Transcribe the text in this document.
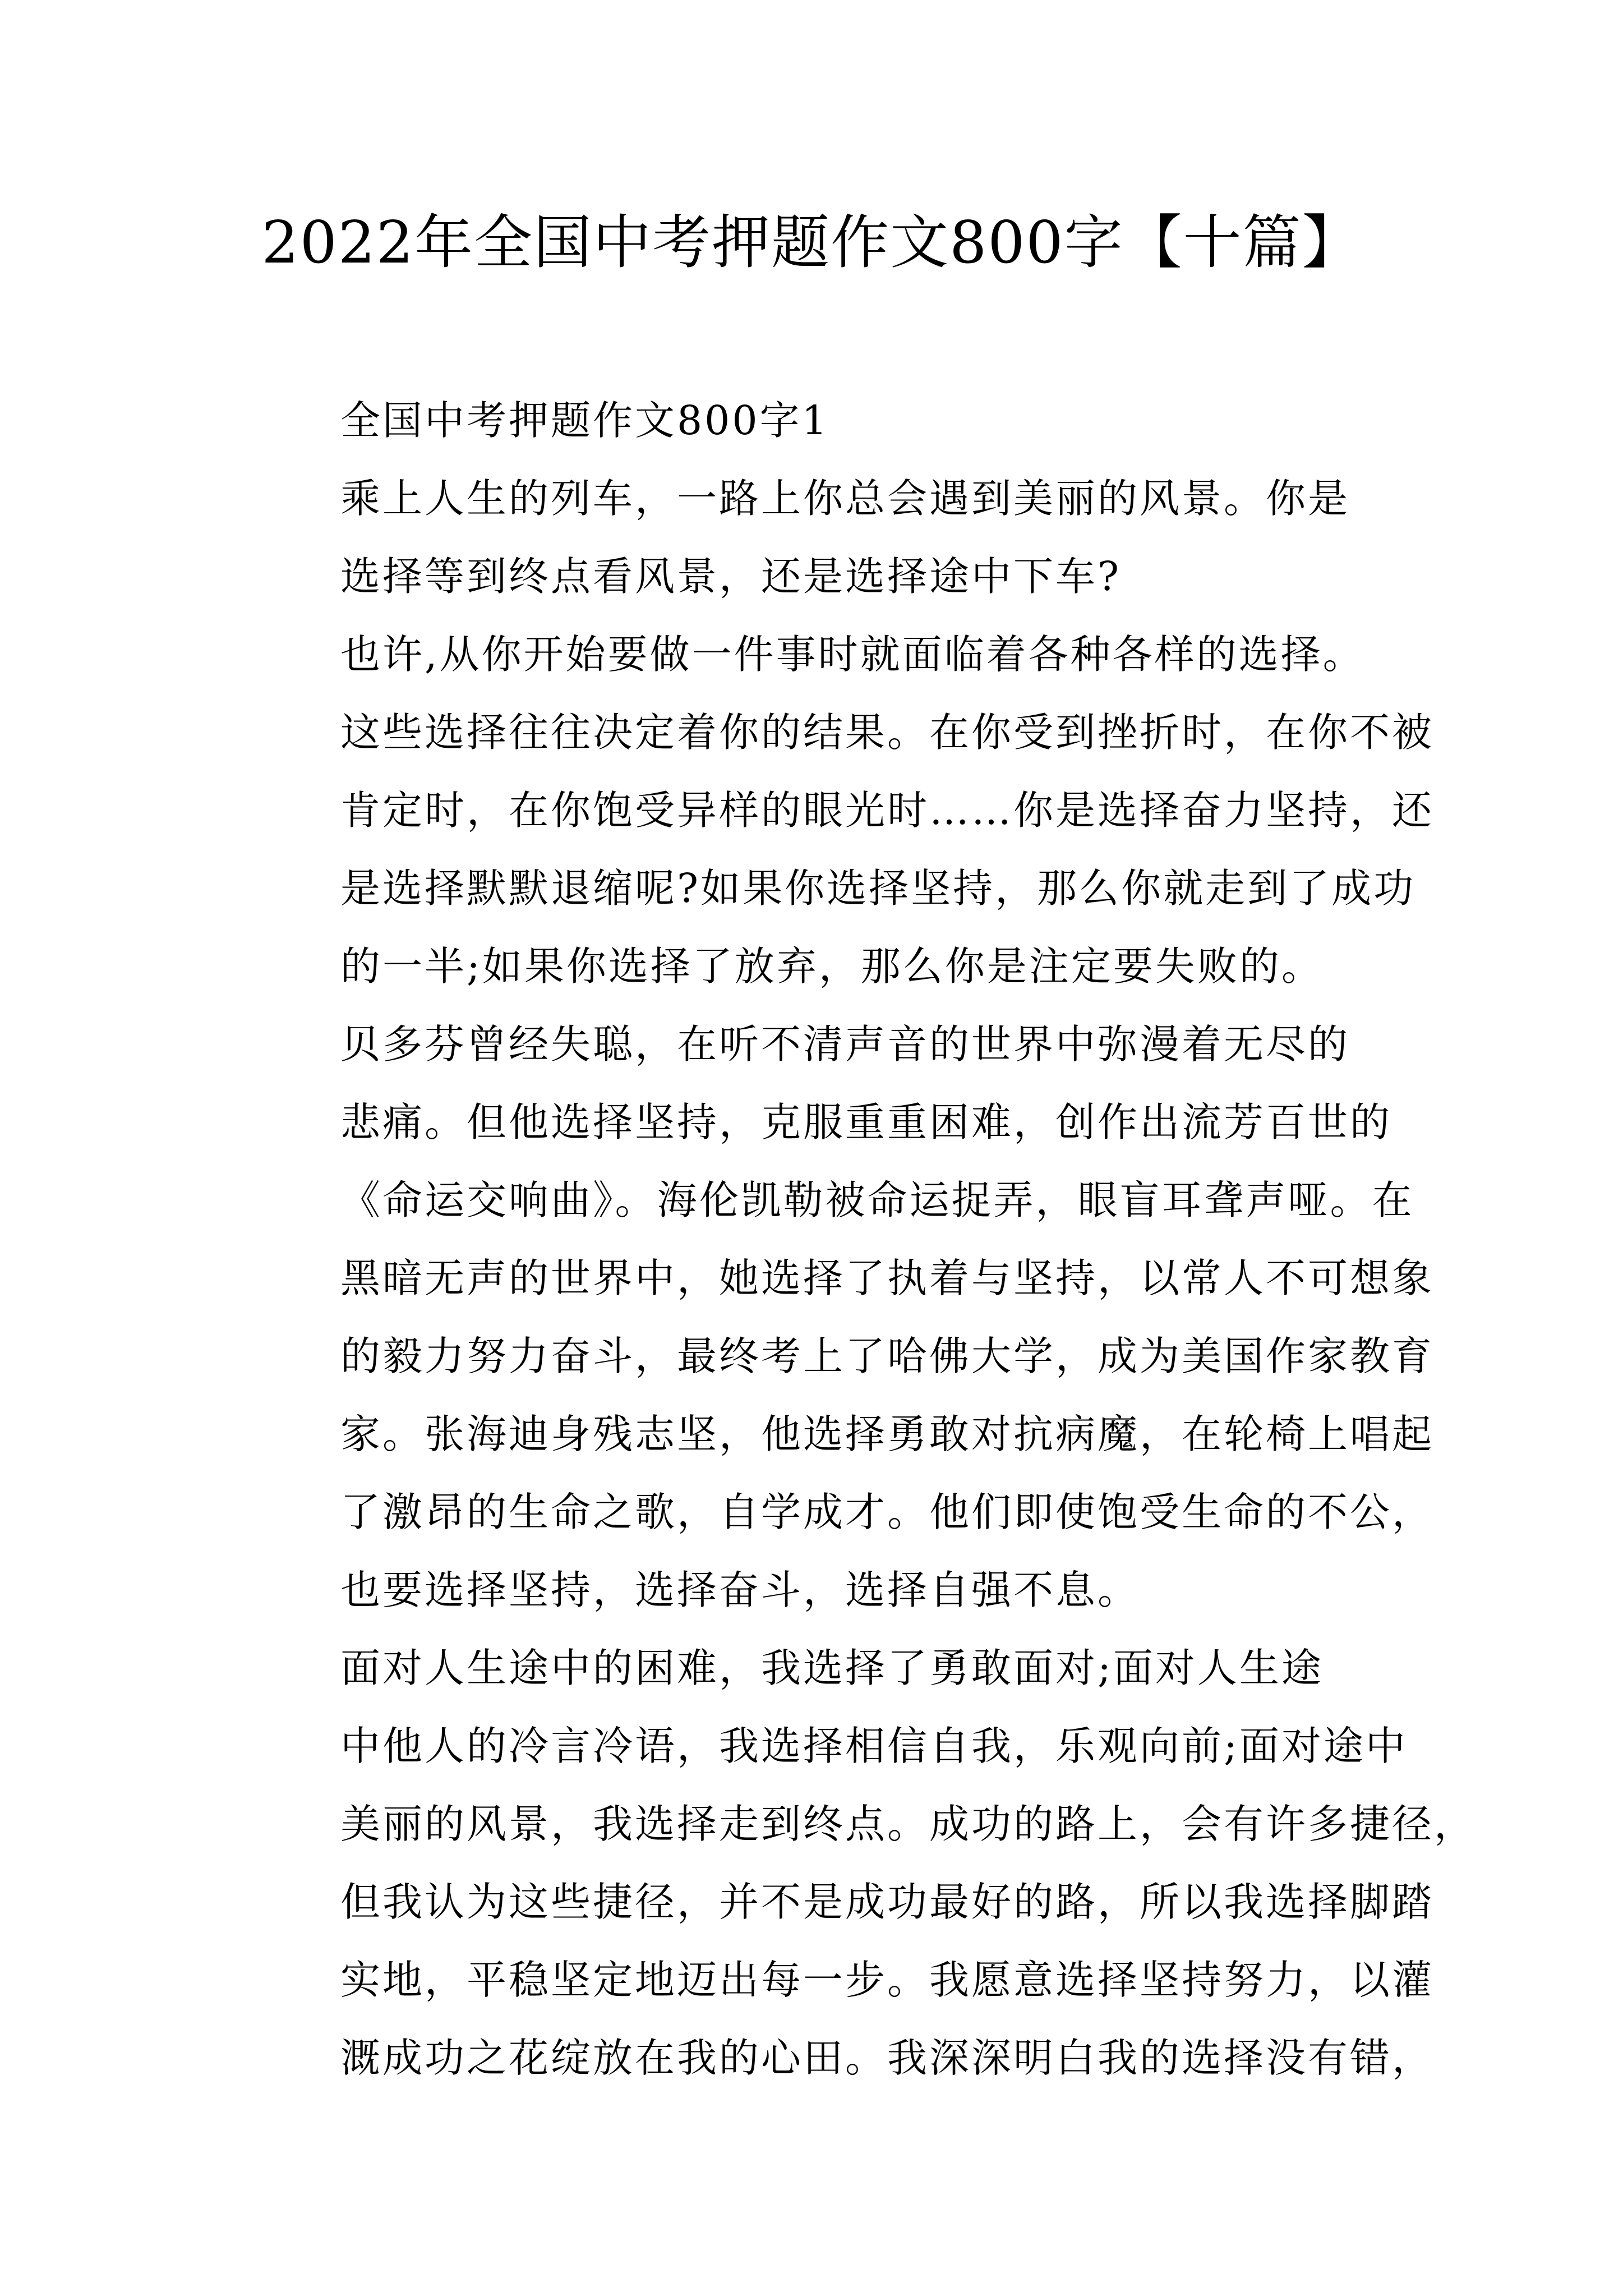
2022年全国中考押题作文800字【十篇】

全国中考押题作文800字1

乘上人生的列车，一路上你总会遇到美丽的风景。你是
选择等到终点看风景，还是选择途中下车?

也许,从你开始要做一件事时就面临着各种各样的选择。
这些选择往往决定着你的结果。在你受到挫折时，在你不被
肯定时，在你饱受异样的眼光时……你是选择奋力坚持，还
是选择默默退缩呢?如果你选择坚持，那么你就走到了成功
的一半;如果你选择了放弃，那么你是注定要失败的。

贝多芬曾经失聪，在听不清声音的世界中弥漫着无尽的
悲痛。但他选择坚持，克服重重困难，创作出流芳百世的
《命运交响曲》。海伦凯勒被命运捉弄，眼盲耳聋声哑。在
黑暗无声的世界中，她选择了执着与坚持，以常人不可想象
的毅力努力奋斗，最终考上了哈佛大学，成为美国作家教育
家。张海迪身残志坚，他选择勇敢对抗病魔，在轮椅上唱起
了激昂的生命之歌，自学成才。他们即使饱受生命的不公，
也要选择坚持，选择奋斗，选择自强不息。

面对人生途中的困难，我选择了勇敢面对;面对人生途
中他人的冷言冷语，我选择相信自我，乐观向前;面对途中
美丽的风景，我选择走到终点。成功的路上，会有许多捷径，
但我认为这些捷径，并不是成功最好的路，所以我选择脚踏
实地，平稳坚定地迈出每一步。我愿意选择坚持努力，以灌
溉成功之花绽放在我的心田。我深深明白我的选择没有错，
